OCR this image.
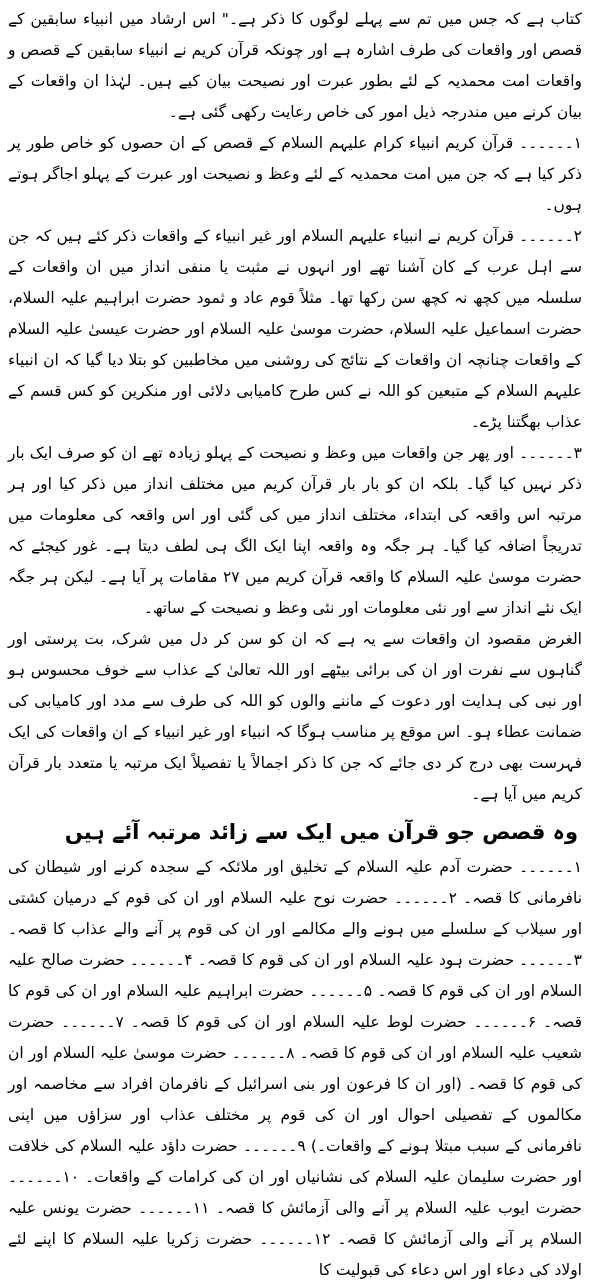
کتاب ہے کہ جس میں تم سے پہلے لوگوں کا ذکر ہے۔" اس ارشاد میں انبیاء سابقین کے قصص اور واقعات کی طرف اشارہ ہے اور چونکہ قرآن کریم نے انبیاء سابقین کے قصص و واقعات امت محمدیہ کے لئے بطور عبرت اور نصیحت بیان کیے ہیں۔ لہٰذا ان واقعات کے بیان کرنے میں مندرجہ ذیل امور کی خاص رعایت رکھی گئی ہے۔

۱۔۔۔۔۔۔ قرآن کریم انبیاء کرام علیہم السلام کے قصص کے ان حصوں کو خاص طور پر ذکر کیا ہے کہ جن میں امت محمدیہ کے لئے وعظ و نصیحت اور عبرت کے پہلو اجاگر ہوتے ہوں۔

۲۔۔۔۔۔۔ قرآن کریم نے انبیاء علیہم السلام اور غیر انبیاء کے واقعات ذکر کئے ہیں کہ جن سے اہل عرب کے کان آشنا تھے اور انہوں نے مثبت یا منفی انداز میں ان واقعات کے سلسلہ میں کچھ نہ کچھ سن رکھا تھا۔ مثلاً قوم عاد و ثمود حضرت ابراہیم علیہ السلام، حضرت اسماعیل علیہ السلام، حضرت موسیٰ علیہ السلام اور حضرت عیسیٰ علیہ السلام کے واقعات چنانچہ ان واقعات کے نتائج کی روشنی میں مخاطبین کو بتلا دیا گیا کہ ان انبیاء علیہم السلام کے متبعین کو اللہ نے کس طرح کامیابی دلائی اور منکرین کو کس قسم کے عذاب بھگتنا پڑے۔

۳۔۔۔۔۔۔ اور پھر جن واقعات میں وعظ و نصیحت کے پہلو زیادہ تھے ان کو صرف ایک بار ذکر نہیں کیا گیا۔ بلکہ ان کو بار بار قرآن کریم میں مختلف انداز میں ذکر کیا اور ہر مرتبہ اس واقعہ کی ابتداء، مختلف انداز میں کی گئی اور اس واقعہ کی معلومات میں تدریجاً اضافہ کیا گیا۔ ہر جگہ وہ واقعہ اپنا ایک الگ ہی لطف دیتا ہے۔ غور کیجئے کہ حضرت موسیٰ علیہ السلام کا واقعہ قرآن کریم میں ۲۷ مقامات پر آیا ہے۔ لیکن ہر جگہ ایک نئے انداز سے اور نئی معلومات اور نئی وعظ و نصیحت کے ساتھ۔

الغرض مقصود ان واقعات سے یہ ہے کہ ان کو سن کر دل میں شرک، بت پرستی اور گناہوں سے نفرت اور ان کی برائی بیٹھے اور اللہ تعالیٰ کے عذاب سے خوف محسوس ہو اور نبی کی ہدایت اور دعوت کے ماننے والوں کو اللہ کی طرف سے مدد اور کامیابی کی ضمانت عطاء ہو۔ اس موقع پر مناسب ہوگا کہ انبیاء اور غیر انبیاء کے ان واقعات کی ایک فہرست بھی درج کر دی جائے کہ جن کا ذکر اجمالاً یا تفصیلاً ایک مرتبہ یا متعدد بار قرآن کریم میں آیا ہے۔

وہ قصص جو قرآن میں ایک سے زائد مرتبہ آئے ہیں

۱۔۔۔۔۔۔ حضرت آدم علیہ السلام کے تخلیق اور ملائکہ کے سجدہ کرنے اور شیطان کی نافرمانی کا قصہ۔ ۲۔۔۔۔۔۔ حضرت نوح علیہ السلام اور ان کی قوم کے درمیان کشتی اور سیلاب کے سلسلے میں ہونے والے مکالمے اور ان کی قوم پر آنے والے عذاب کا قصہ۔ ۳۔۔۔۔۔۔ حضرت ہود علیہ السلام اور ان کی قوم کا قصہ۔ ۴۔۔۔۔۔۔ حضرت صالح علیہ السلام اور ان کی قوم کا قصہ۔ ۵۔۔۔۔۔۔ حضرت ابراہیم علیہ السلام اور ان کی قوم کا قصہ۔ ۶۔۔۔۔۔۔ حضرت لوط علیہ السلام اور ان کی قوم کا قصہ۔ ۷۔۔۔۔۔۔ حضرت شعیب علیہ السلام اور ان کی قوم کا قصہ۔ ۸۔۔۔۔۔۔ حضرت موسیٰ علیہ السلام اور ان کی قوم کا قصہ۔ (اور ان کا فرعون اور بنی اسرائیل کے نافرمان افراد سے مخاصمہ اور مکالموں کے تفصیلی احوال اور ان کی قوم پر مختلف عذاب اور سزاؤں میں اپنی نافرمانی کے سبب مبتلا ہونے کے واقعات۔) ۹۔۔۔۔۔۔ حضرت داؤد علیہ السلام کی خلافت اور حضرت سلیمان علیہ السلام کی نشانیاں اور ان کی کرامات کے واقعات۔ ۱۰۔۔۔۔۔۔ حضرت ایوب علیہ السلام پر آنے والی آزمائش کا قصہ۔ ۱۱۔۔۔۔۔۔ حضرت یونس علیہ السلام پر آنے والی آزمائش کا قصہ۔ ۱۲۔۔۔۔۔۔ حضرت زکریا علیہ السلام کا اپنے لئے اولاد کی دعاء اور اس دعاء کی قبولیت کا
